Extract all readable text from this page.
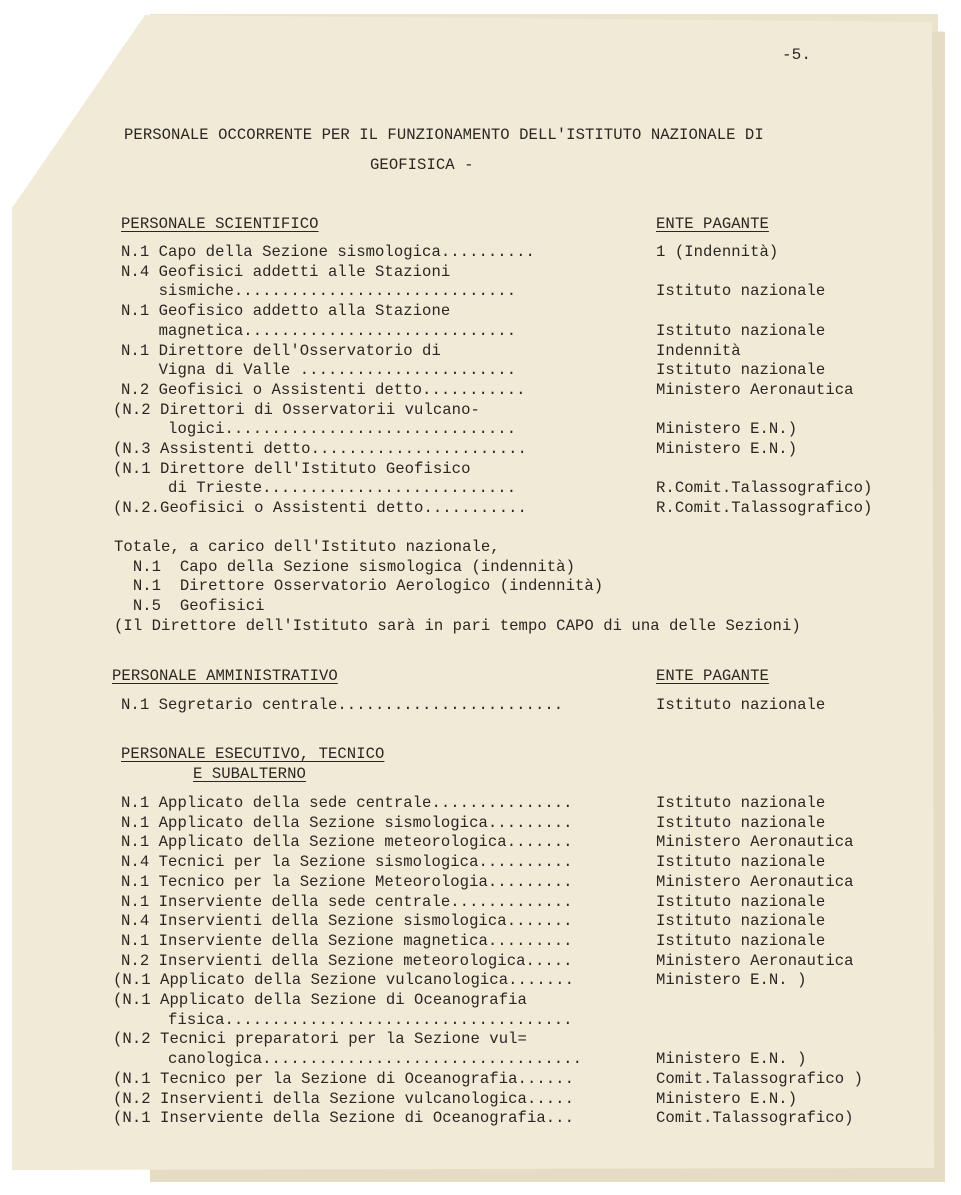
-5.
PERSONALE OCCORRENTE PER IL FUNZIONAMENTO DELL'ISTITUTO NAZIONALE DI
GEOFISICA -
PERSONALE SCIENTIFICO	ENTE PAGANTE
N.1 Capo della Sezione sismologica..........	1 (Indennità)
N.4 Geofisici addetti alle Stazioni
sismiche..............................	Istituto nazionale
N.1 Geofisico addetto alla Stazione
magnetica.............................	Istituto nazionale
N.1 Direttore dell'Osservatorio di	Indennità
Vigna di Valle .......................	Istituto nazionale
N.2 Geofisici o Assistenti detto...........	Ministero Aeronautica
(N.2 Direttori di Osservatorii vulcano-
logici...............................	Ministero E.N.)
(N.3 Assistenti detto.......................	Ministero E.N.)
(N.1 Direttore dell'Istituto Geofisico
di Trieste...........................	R.Comit.Talassografico)
(N.2.Geofisici o Assistenti detto...........	R.Comit.Talassografico)
Totale, a carico dell'Istituto nazionale,
N.1  Capo della Sezione sismologica (indennità)
N.1  Direttore Osservatorio Aerologico (indennità)
N.5  Geofisici
(Il Direttore dell'Istituto sarà in pari tempo CAPO di una delle Sezioni)
PERSONALE AMMINISTRATIVO	ENTE PAGANTE
N.1 Segretario centrale........................	Istituto nazionale
PERSONALE ESECUTIVO, TECNICO
E SUBALTERNO
N.1 Applicato della sede centrale...............	Istituto nazionale
N.1 Applicato della Sezione sismologica.........	Istituto nazionale
N.1 Applicato della Sezione meteorologica.......	Ministero Aeronautica
N.4 Tecnici per la Sezione sismologica..........	Istituto nazionale
N.1 Tecnico per la Sezione Meteorologia.........	Ministero Aeronautica
N.1 Inserviente della sede centrale.............	Istituto nazionale
N.4 Inservienti della Sezione sismologica.......	Istituto nazionale
N.1 Inserviente della Sezione magnetica.........	Istituto nazionale
N.2 Inservienti della Sezione meteorologica.....	Ministero Aeronautica
(N.1 Applicato della Sezione vulcanologica.......	Ministero E.N. )
(N.1 Applicato della Sezione di Oceanografia
fisica.....................................
(N.2 Tecnici preparatori per la Sezione vul=
canologica..................................	Ministero E.N. )
(N.1 Tecnico per la Sezione di Oceanografia......	Comit.Talassografico )
(N.2 Inservienti della Sezione vulcanologica.....	Ministero E.N.)
(N.1 Inserviente della Sezione di Oceanografia...	Comit.Talassografico)
